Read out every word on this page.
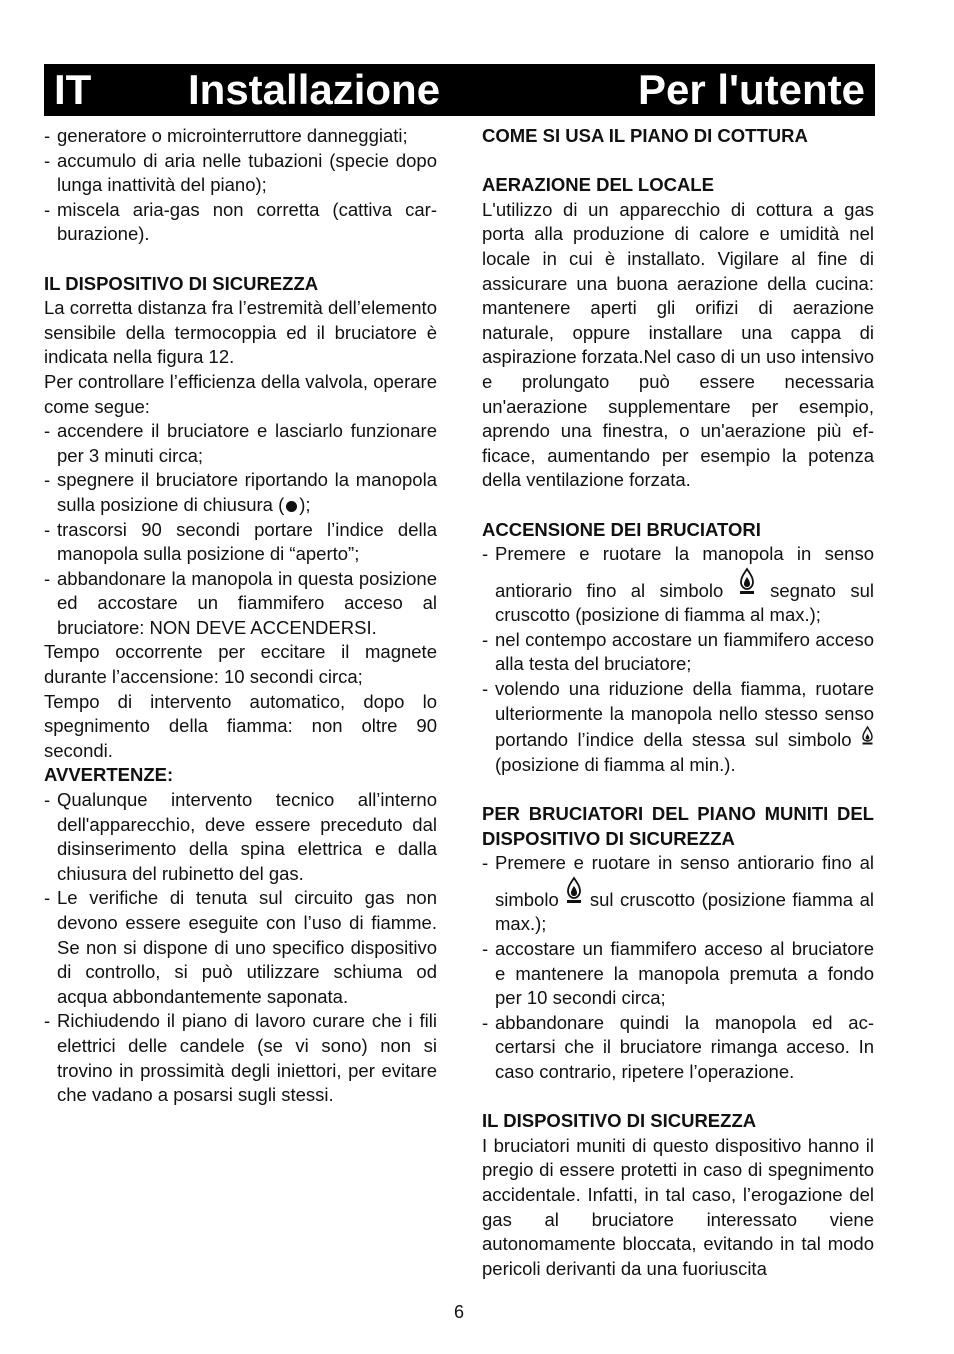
IT Installazione	Per l'utente
- generatore o microinterruttore danneggiati;
- accumulo di aria nelle tubazioni (specie dopo lunga inattività del piano);
- miscela aria-gas non corretta (cattiva carburazione).

IL DISPOSITIVO DI SICUREZZA

La corretta distanza fra l’estremità dell’elemento sensibile della termocoppia ed il bruciatore è indicata nella figura 12.

Per controllare l’efficienza della valvola, operare come segue:

- accendere il bruciatore e lasciarlo funzionare per 3 minuti circa;
- spegnere il bruciatore riportando la manopola sulla posizione di chiusura ( );
- trascorsi 90 secondi portare l’indice della manopola sulla posizione di “aperto”;
- abbandonare la manopola in questa posizione ed accostare un fiammifero acceso al bruciatore: NON DEVE ACCENDERSI.

Tempo occorrente per eccitare il magnete durante l’accensione: 10 secondi circa;

Tempo di intervento automatico, dopo lo spegnimento della fiamma: non oltre 90 secondi.

AVVERTENZE:

- Qualunque intervento tecnico all’interno dell'apparecchio, deve essere preceduto dal disinserimento della spina elettrica e dalla chiusura del rubinetto del gas.
- Le verifiche di tenuta sul circuito gas non devono essere eseguite con l’uso di fiamme. Se non si dispone di uno specifico dispositivo di controllo, si può utilizzare schiuma od acqua abbondantemente saponata.
- Richiudendo il piano di lavoro curare che i fili elettrici delle candele (se vi sono) non si trovino in prossimità degli iniettori, per evitare che vadano a posarsi sugli stessi.

COME SI USA IL PIANO DI COTTURA

AERAZIONE DEL LOCALE

L'utilizzo di un apparecchio di cottura a gas porta alla produzione di calore e umidità nel locale in cui è installato. Vigilare al fine di assicurare una buona aerazione della cucina: mantenere aperti gli orifizi di aerazione naturale, oppure installare una cappa di aspirazione forzata.Nel caso di un uso intensivo e prolungato può essere necessaria un'aerazione supplementare per esempio, aprendo una finestra, o un'aerazione più efficace, aumentando per esempio la potenza della ventilazione forzata.

ACCENSIONE DEI BRUCIATORI

- Premere e ruotare la manopola in senso antiorario fino al simbolo	segnato sul cruscotto (posizione di fiamma al max.);
- nel contempo accostare un fiammifero acceso alla testa del bruciatore;
- volendo una riduzione della fiamma, ruotare ulteriormente la manopola nello stesso senso portando l’indice della stessa sul simbolo  (posizione di fiamma al min.).

PER BRUCIATORI DEL PIANO MUNITI DEL DISPOSITIVO DI SICUREZZA

- Premere e ruotare in senso antiorario fino al simbolo sul cruscotto (posizione fiamma al max.);
- accostare un fiammifero acceso al bruciatore e mantenere la manopola premuta a fondo per 10 secondi circa;
- abbandonare quindi la manopola ed accertarsi che il bruciatore rimanga acceso. In caso contrario, ripetere l’operazione.

IL DISPOSITIVO DI SICUREZZA

I bruciatori muniti di questo dispositivo hanno il pregio di essere protetti in caso di spegnimento accidentale. Infatti, in tal caso, l’erogazione del gas al bruciatore interessato viene autonomamente bloccata, evitando in tal modo pericoli derivanti da una fuoriuscita

6
